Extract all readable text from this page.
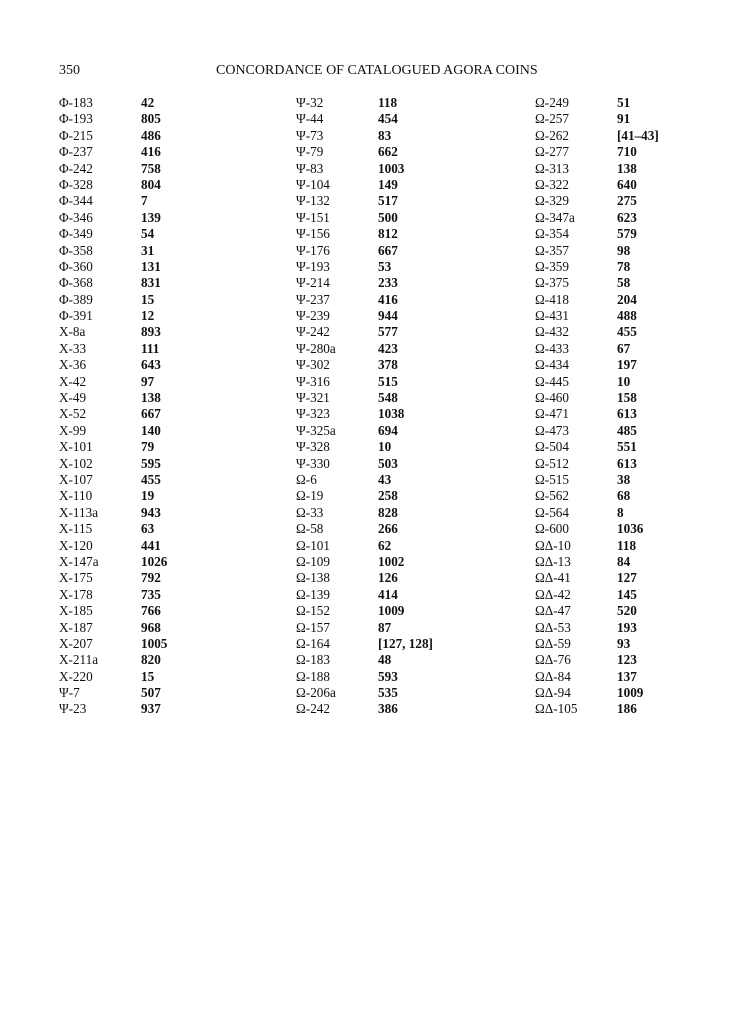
350	CONCORDANCE OF CATALOGUED AGORA COINS
Φ-183	42
Φ-193	805
Φ-215	486
Φ-237	416
Φ-242	758
Φ-328	804
Φ-344	7
Φ-346	139
Φ-349	54
Φ-358	31
Φ-360	131
Φ-368	831
Φ-389	15
Φ-391	12
X-8a	893
X-33	111
X-36	643
X-42	97
X-49	138
X-52	667
X-99	140
X-101	79
X-102	595
X-107	455
X-110	19
X-113a	943
X-115	63
X-120	441
X-147a	1026
X-175	792
X-178	735
X-185	766
X-187	968
X-207	1005
X-211a	820
X-220	15
Ψ-7	507
Ψ-23	937
Ψ-32	118
Ψ-44	454
Ψ-73	83
Ψ-79	662
Ψ-83	1003
Ψ-104	149
Ψ-132	517
Ψ-151	500
Ψ-156	812
Ψ-176	667
Ψ-193	53
Ψ-214	233
Ψ-237	416
Ψ-239	944
Ψ-242	577
Ψ-280a	423
Ψ-302	378
Ψ-316	515
Ψ-321	548
Ψ-323	1038
Ψ-325a	694
Ψ-328	10
Ψ-330	503
Ω-6	43
Ω-19	258
Ω-33	828
Ω-58	266
Ω-101	62
Ω-109	1002
Ω-138	126
Ω-139	414
Ω-152	1009
Ω-157	87
Ω-164	[127, 128]
Ω-183	48
Ω-188	593
Ω-206a	535
Ω-242	386
Ω-249	51
Ω-257	91
Ω-262	[41–43]
Ω-277	710
Ω-313	138
Ω-322	640
Ω-329	275
Ω-347a	623
Ω-354	579
Ω-357	98
Ω-359	78
Ω-375	58
Ω-418	204
Ω-431	488
Ω-432	455
Ω-433	67
Ω-434	197
Ω-445	10
Ω-460	158
Ω-471	613
Ω-473	485
Ω-504	551
Ω-512	613
Ω-515	38
Ω-562	68
Ω-564	8
Ω-600	1036
ΩΔ-10	118
ΩΔ-13	84
ΩΔ-41	127
ΩΔ-42	145
ΩΔ-47	520
ΩΔ-53	193
ΩΔ-59	93
ΩΔ-76	123
ΩΔ-84	137
ΩΔ-94	1009
ΩΔ-105	186
